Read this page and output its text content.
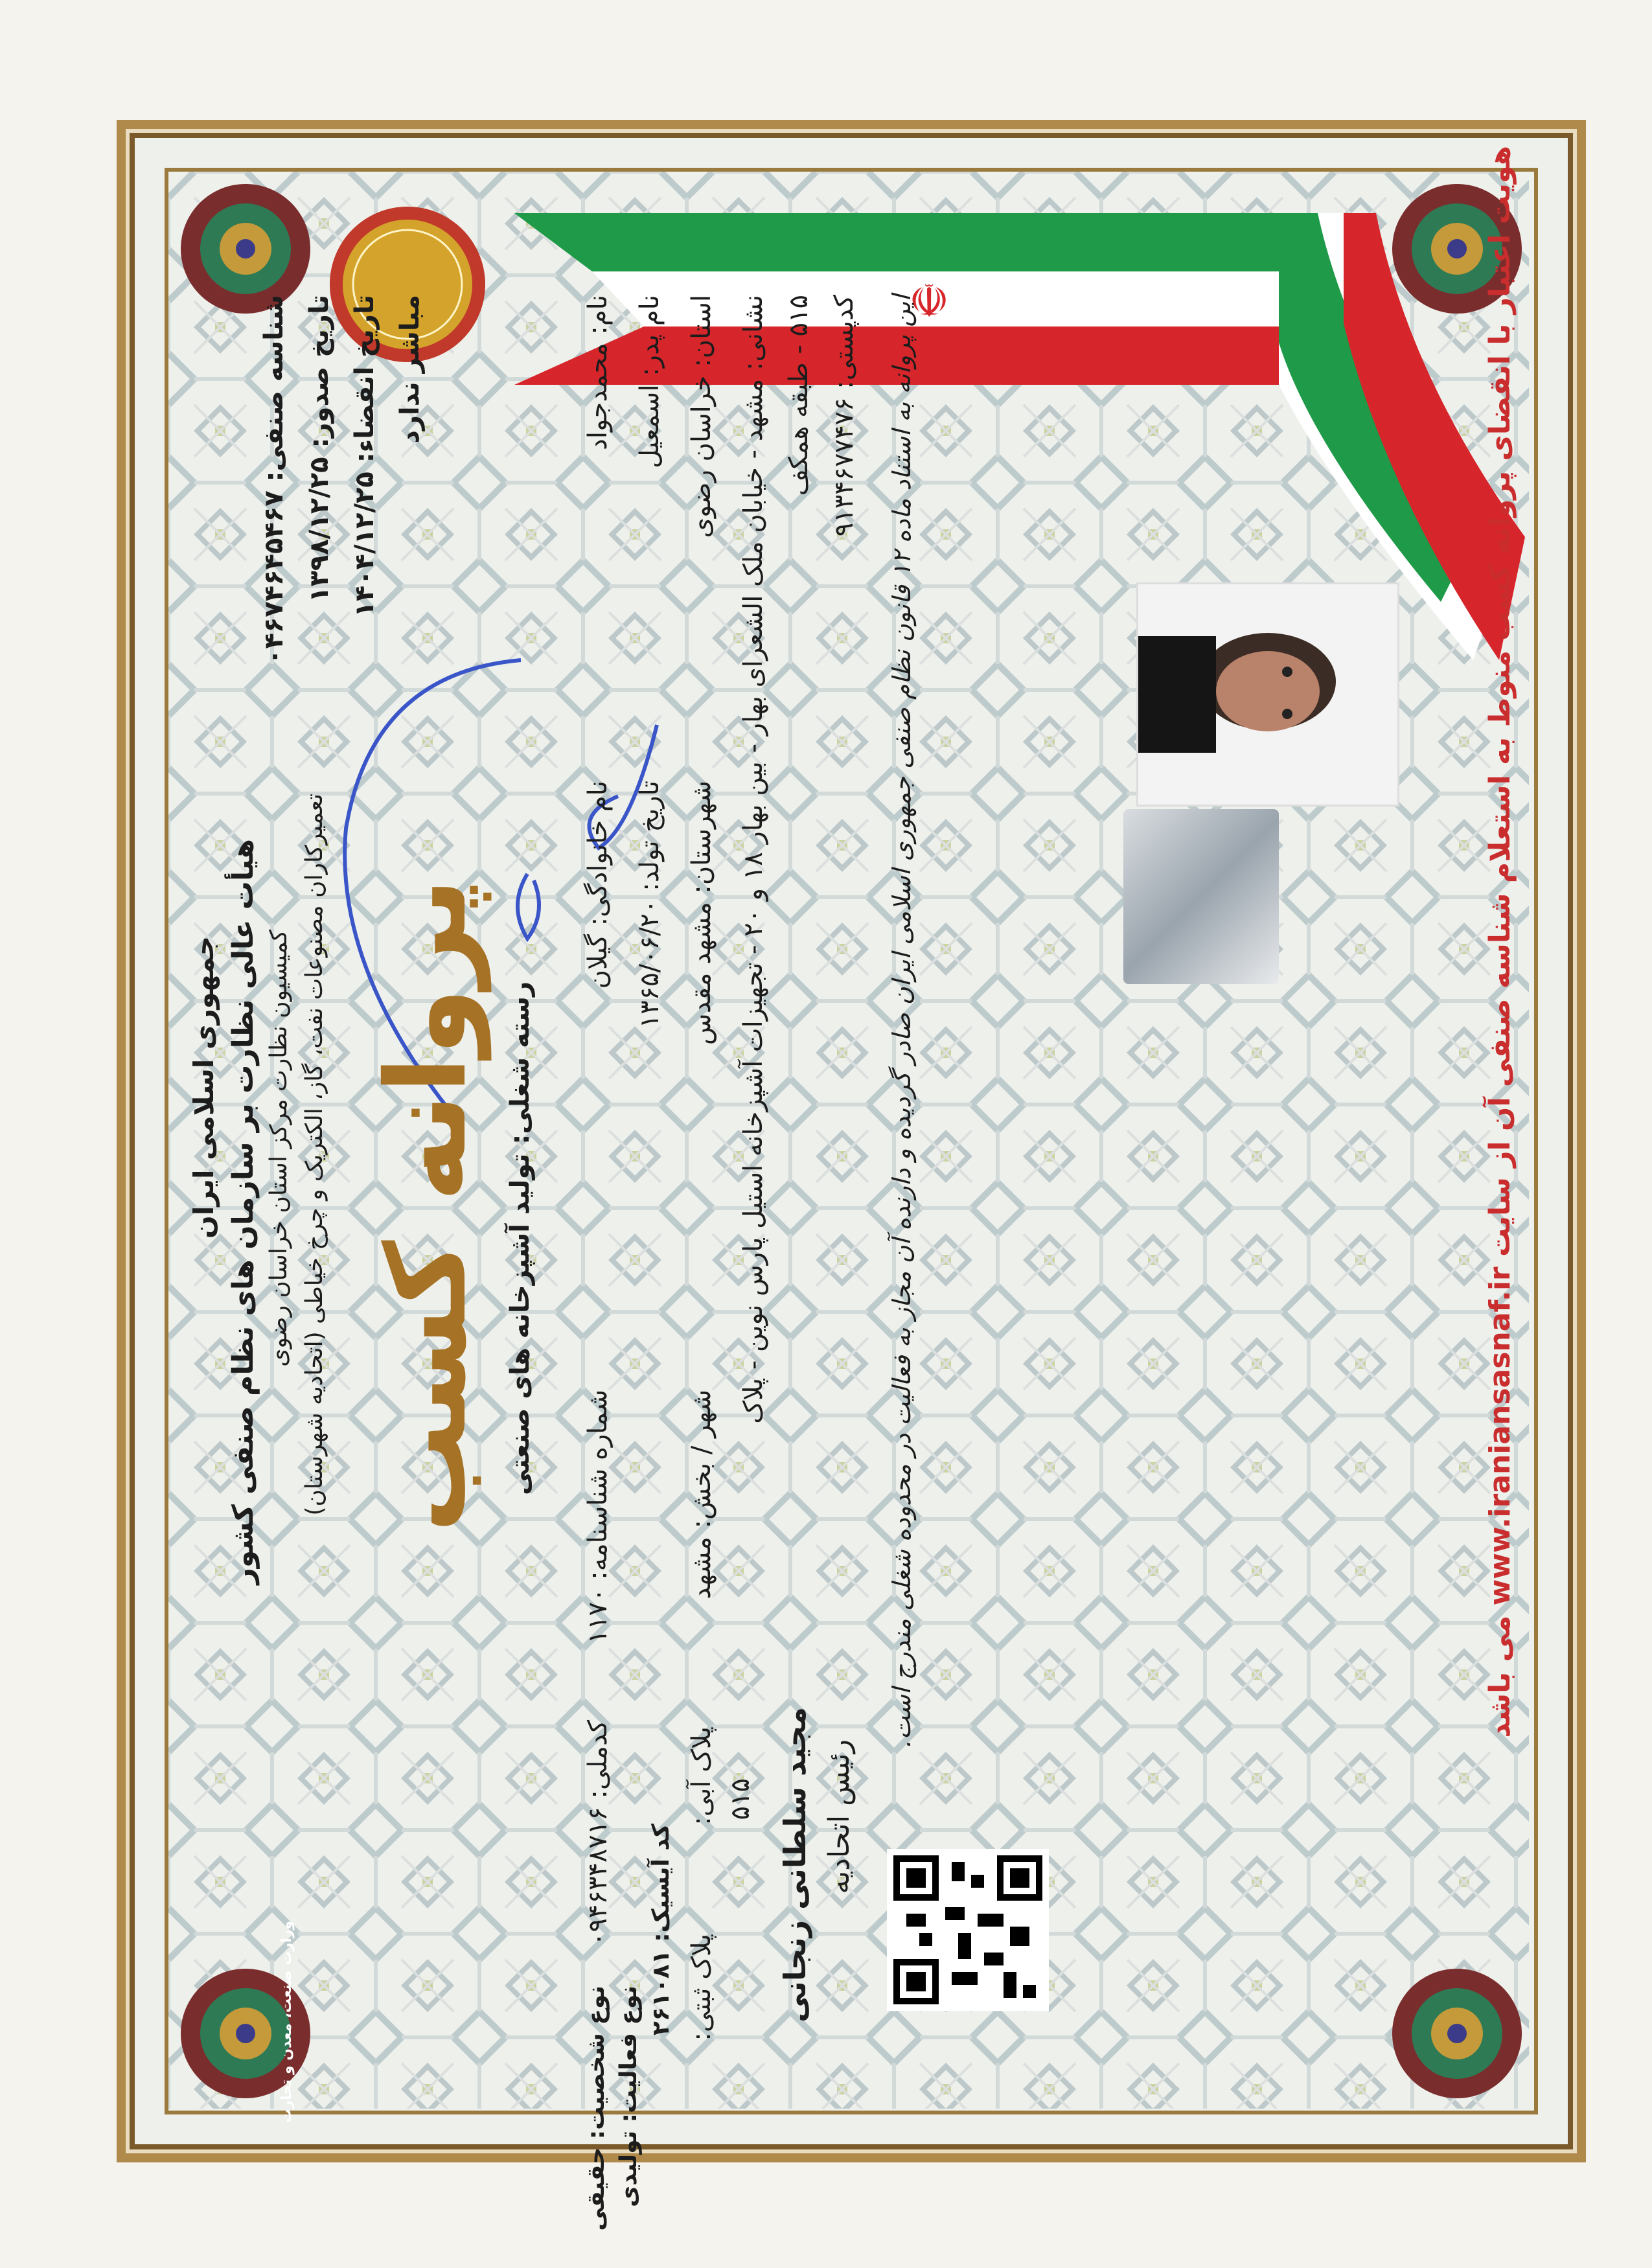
☫
جمهوری اسلامی ایران هیأت عالی نظارت بر سازمان های نظام صنفی کشور کمیسیون نظارت مرکز استان خراسان رضوی تعمیرکاران مصنوعات نفت، گاز، الکتریک و چرخ خیاطی (اتحادیه شهرستان) پروانه کسب رسته شغلی: تولید آشپزخانه های صنعتی
شناسه صنفی: ۰۴۶۷۴۶۴۵۴۶۷
تاریخ صدور: ۱۳۹۸/۱۲/۲۵
تاریخ انقضاء: ۱۴۰۴/۱۲/۲۵ مباشر ندارد	نام: محمدجواد
نام خانوادگی: گیلان
شماره شناسنامه: ۱۱۷۰
کدملی: ۰۹۴۶۳۴۸۷۱۶
نام پدر: اسمعیل
تاریخ تولد: ۱۳۶۵/۰۶/۲۰
استان: خراسان رضوی
شهرستان: مشهد مقدس
شهر / بخش: مشهد
نشانی: مشهد - خیابان ملک الشعرای بهار - بین بهار ۱۸ و ۲۰ - تجهیزات آشپزخانه استیل پارس نوین - پلاک ۵۱۵ - طبقه همکف
کدپستی: ۹۱۳۴۶۷۷۴۷۶
پلاک آبی: ۵۱۵
پلاک ثبتی:
نوع شخصیت: حقیقی نوع فعالیت: تولیدی کد آیسیک: ۲۶۱۰۸۱	مجید سلطانی زنجانی رئیس اتحادیه
این پروانه به استناد ماده ۱۲ قانون نظام صنفی جمهوری اسلامی ایران صادر گردیده و دارنده آن مجاز به فعالیت در محدوده شغلی مندرج است.
هویت اعتبار با انقضای پروانه کسب منوط به استعلام شناسه صنفی آن از سایت www.iraniansasnaf.ir می باشد
وزارت صنعت، معدن و تجارت
